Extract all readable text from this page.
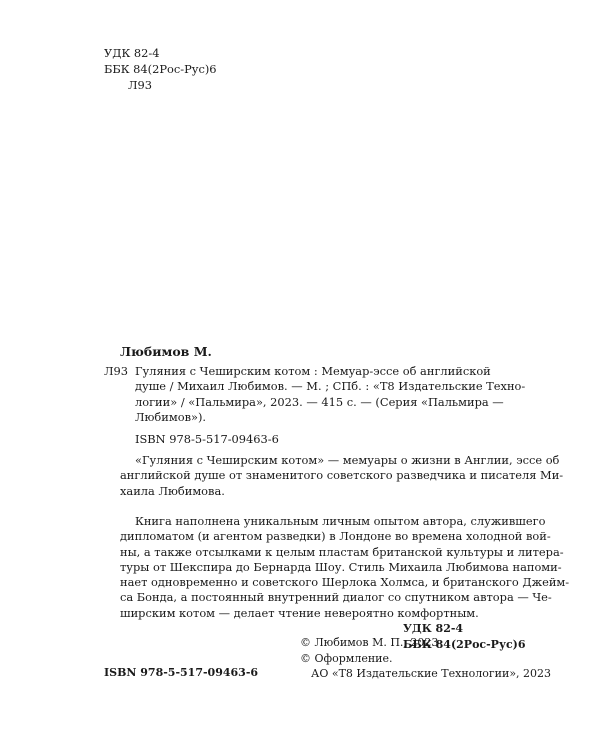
УДК 82-4
ББК 84(2Рос-Рус)6
Л93
Любимов М.
Л93 Гуляния с Чеширским котом : Мемуар-эссе об английской
душе / Михаил Любимов. — М. ; СПб. : «Т8 Издательские Техно-
логии» / «Пальмира», 2023. — 415 с. — (Серия «Пальмира —
Любимов»).
ISBN 978-5-517-09463-6
«Гуляния с Чеширским котом» — мемуары о жизни в Англии, эссе об
английской душе от знаменитого советского разведчика и писателя Ми-
хаила Любимова.
Книга наполнена уникальным личным опытом автора, служившего
дипломатом (и агентом разведки) в Лондоне во времена холодной вой-
ны, а также отсылками к целым пластам британской культуры и литера-
туры от Шекспира до Бернарда Шоу. Стиль Михаила Любимова напоми-
нает одновременно и советского Шерлока Холмса, и британского Джейм-
са Бонда, а постоянный внутренний диалог со спутником автора — Че-
ширским котом — делает чтение невероятно комфортным.
УДК 82-4
ББК 84(2Рос-Рус)6
ISBN 978-5-517-09463-6
© Любимов М. П., 2023
© Оформление.
АО «Т8 Издательские Технологии», 2023
